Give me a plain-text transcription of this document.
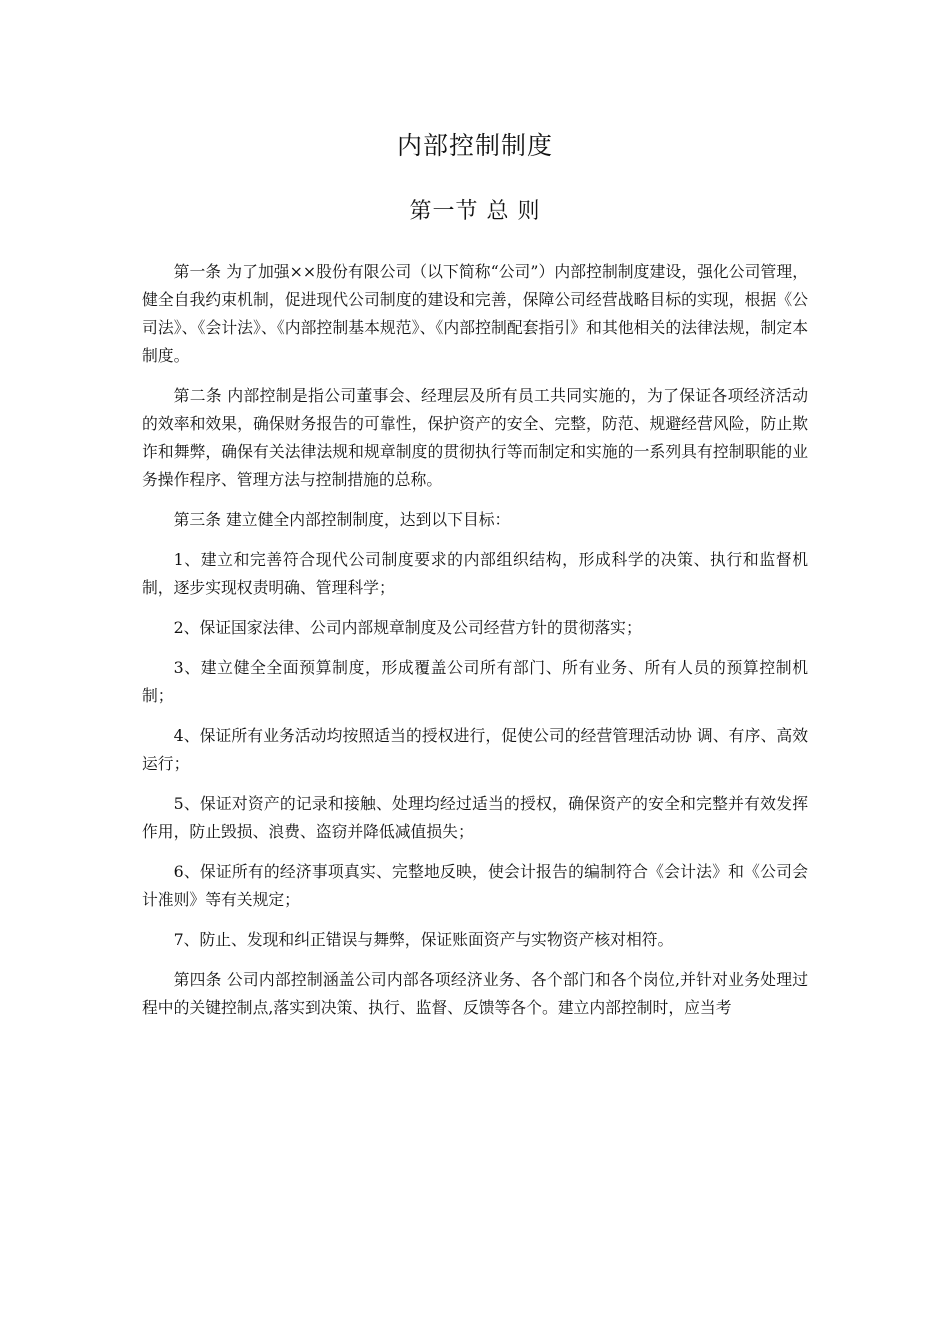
内部控制制度
第一节 总 则

第一条 为了加强××股份有限公司（以下简称“公司”）内部控制制度建设，强化公司管理，健全自我约束机制，促进现代公司制度的建设和完善，保障公司经营战略目标的实现，根据《公司法》、《会计法》、《内部控制基本规范》、《内部控制配套指引》和其他相关的法律法规，制定本制度。

第二条 内部控制是指公司董事会、经理层及所有员工共同实施的，为了保证各项经济活动的效率和效果，确保财务报告的可靠性，保护资产的安全、完整，防范、规避经营风险，防止欺诈和舞弊，确保有关法律法规和规章制度的贯彻执行等而制定和实施的一系列具有控制职能的业务操作程序、管理方法与控制措施的总称。

第三条 建立健全内部控制制度，达到以下目标：

1、建立和完善符合现代公司制度要求的内部组织结构，形成科学的决策、执行和监督机制，逐步实现权责明确、管理科学；

2、保证国家法律、公司内部规章制度及公司经营方针的贯彻落实；

3、建立健全全面预算制度，形成覆盖公司所有部门、所有业务、所有人员的预算控制机制；

4、保证所有业务活动均按照适当的授权进行，促使公司的经营管理活动协 调、有序、高效运行；

5、保证对资产的记录和接触、处理均经过适当的授权，确保资产的安全和完整并有效发挥作用，防止毁损、浪费、盗窃并降低减值损失；

6、保证所有的经济事项真实、完整地反映，使会计报告的编制符合《会计法》和《公司会计准则》等有关规定；

7、防止、发现和纠正错误与舞弊，保证账面资产与实物资产核对相符。

第四条 公司内部控制涵盖公司内部各项经济业务、各个部门和各个岗位,并针对业务处理过程中的关键控制点,落实到决策、执行、监督、反馈等各个。建立内部控制时，应当考
